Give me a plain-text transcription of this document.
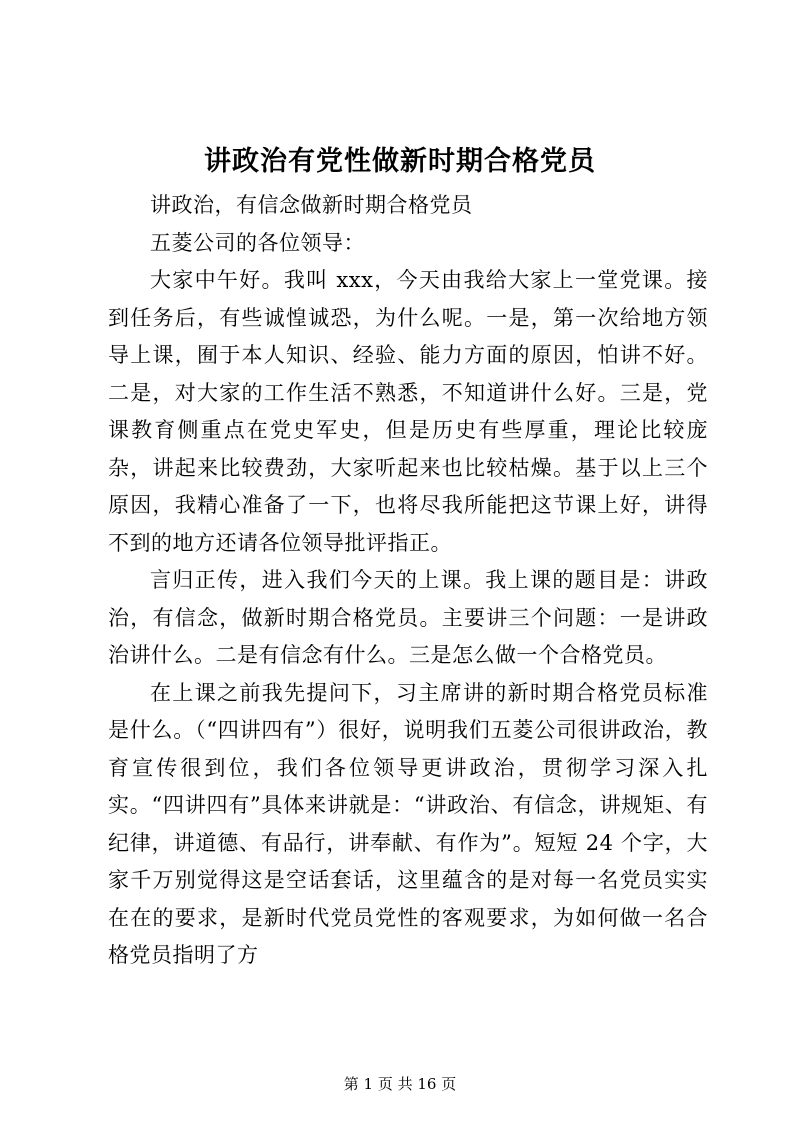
讲政治有党性做新时期合格党员

讲政治，有信念做新时期合格党员

五菱公司的各位领导：

大家中午好。我叫 xxx，今天由我给大家上一堂党课。接到任务后，有些诚惶诚恐，为什么呢。一是，第一次给地方领导上课，囿于本人知识、经验、能力方面的原因，怕讲不好。二是，对大家的工作生活不熟悉，不知道讲什么好。三是，党课教育侧重点在党史军史，但是历史有些厚重，理论比较庞杂，讲起来比较费劲，大家听起来也比较枯燥。基于以上三个原因，我精心准备了一下，也将尽我所能把这节课上好，讲得不到的地方还请各位领导批评指正。

言归正传，进入我们今天的上课。我上课的题目是：讲政治，有信念，做新时期合格党员。主要讲三个问题：一是讲政治讲什么。二是有信念有什么。三是怎么做一个合格党员。

在上课之前我先提问下，习主席讲的新时期合格党员标准是什么。（“四讲四有”）很好，说明我们五菱公司很讲政治，教育宣传很到位，我们各位领导更讲政治，贯彻学习深入扎实。“四讲四有”具体来讲就是：“讲政治、有信念，讲规矩、有纪律，讲道德、有品行，讲奉献、有作为”。短短 24 个字，大家千万别觉得这是空话套话，这里蕴含的是对每一名党员实实在在的要求，是新时代党员党性的客观要求，为如何做一名合格党员指明了方

第 1 页 共 16 页
